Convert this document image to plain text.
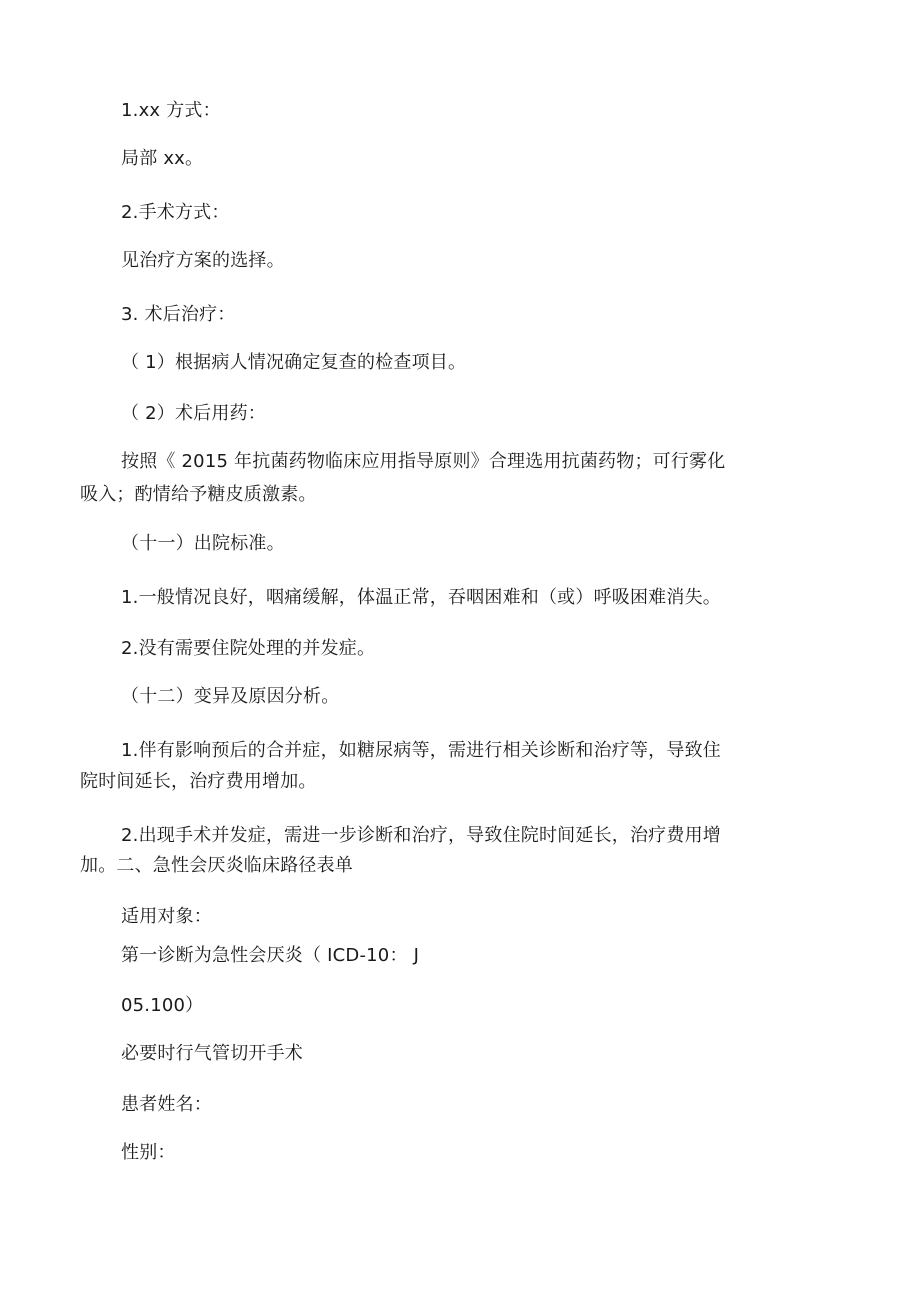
1.xx 方式：
局部 xx。
2.手术方式：
见治疗方案的选择。
3. 术后治疗：
（ 1）根据病人情况确定复查的检查项目。
（ 2）术后用药：
按照《 2015 年抗菌药物临床应用指导原则》合理选用抗菌药物；可行雾化
吸入；酌情给予糖皮质激素。
（十一）出院标准。
1.一般情况良好，咽痛缓解，体温正常，吞咽困难和（或）呼吸困难消失。
2.没有需要住院处理的并发症。
（十二）变异及原因分析。
1.伴有影响预后的合并症，如糖尿病等，需进行相关诊断和治疗等，导致住
院时间延长，治疗费用增加。
2.出现手术并发症，需进一步诊断和治疗，导致住院时间延长，治疗费用增
加。二、急性会厌炎临床路径表单
适用对象：
第一诊断为急性会厌炎（ ICD-10： J
05.100）
必要时行气管切开手术
患者姓名：
性别：
